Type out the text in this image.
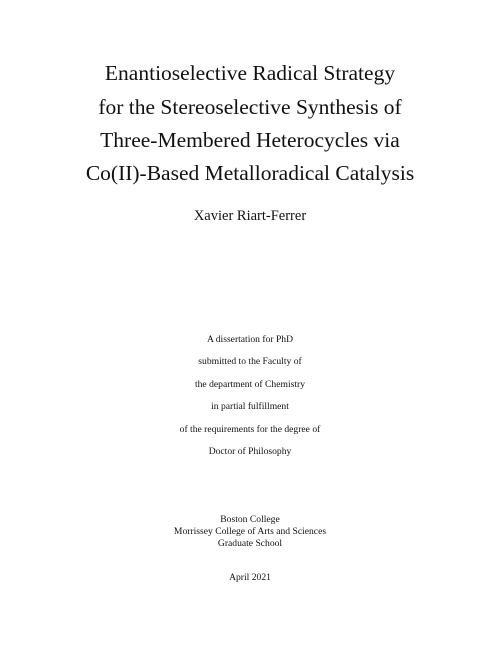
Enantioselective Radical Strategy
for the Stereoselective Synthesis of
Three-Membered Heterocycles via
Co(II)-Based Metalloradical Catalysis
Xavier Riart-Ferrer
A dissertation for PhD
submitted to the Faculty of
the department of Chemistry
in partial fulfillment
of the requirements for the degree of
Doctor of Philosophy
Boston College
Morrissey College of Arts and Sciences
Graduate School
April 2021
